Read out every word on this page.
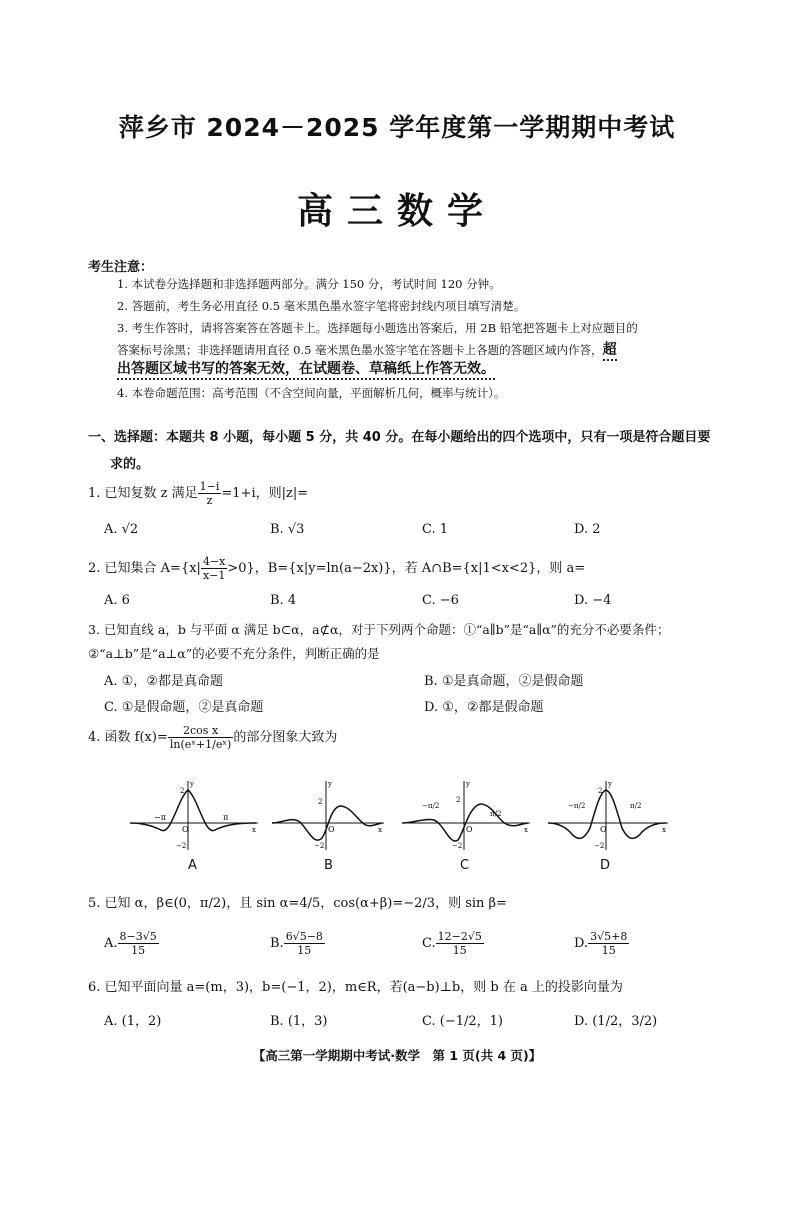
萍乡市 2024－2025 学年度第一学期期中考试
高三数学
考生注意：
1. 本试卷分选择题和非选择题两部分。满分 150 分，考试时间 120 分钟。
2. 答题前，考生务必用直径 0.5 毫米黑色墨水签字笔将密封线内项目填写清楚。
3. 考生作答时，请将答案答在答题卡上。选择题每小题选出答案后，用 2B 铅笔把答题卡上对应题目的
答案标号涂黑；非选择题请用直径 0.5 毫米黑色墨水签字笔在答题卡上各题的答题区域内作答，超
出答题区域书写的答案无效，在试题卷、草稿纸上作答无效。
4. 本卷命题范围：高考范围（不含空间向量，平面解析几何，概率与统计）。
一、选择题：本题共 8 小题，每小题 5 分，共 40 分。在每小题给出的四个选项中，只有一项是符合题目要
求的。
1. 已知复数 z 满足 $\frac{1-i}{z} =1+i$，则|z|=
A. √2	B. √3	C. 1	D. 2
2. 已知集合 $A=\{x| \frac{4-x}{x-1} >0\}$，B={x|y=ln(a−2x)}，若 A∩B={x|1<x<2}，则 a=
A. 6	B. 4	C. −6	D. −4
3. 已知直线 a，b 与平面 α 满足 b⊂α，a⊄α，对于下列两个命题：①“a∥b”是“a∥α”的充分不必要条件；
②“a⊥b”是“a⊥α”的必要不充分条件，判断正确的是
A. ①，②都是真命题	B. ①是真命题，②是假命题
C. ①是假命题，②是真命题	D. ①，②都是假命题
4. 函数 $f(x)= \frac{\text{2cos x}}{\text{ln(eˣ+1/eˣ)}}$ 的部分图象大致为
−π	π
2
−2
O
y
x
A
2
−2
O
y
x
B
−π/2
π/2
2
−2
O
y
x
C
−π/2	π/2
2
−2
O
y
x
D
5. 已知 α，β∈(0，π/2)，且 sin α=4/5，cos(α+β)=−2/3，则 sin β=
A. $\frac{8-3√5}{15}$	B. $\frac{6√5-8}{15}$	C. $\frac{12-2√5}{15}$	D. $\frac{3√5+8}{15}$
6. 已知平面向量 a=(m，3)，b=(−1，2)，m∈R，若(a−b)⊥b，则 b 在 a 上的投影向量为
A. (1，2)	B. (1，3)	C. (−1/2，1)	D. (1/2，3/2)
【高三第一学期期中考试·数学　第 1 页(共 4 页)】
